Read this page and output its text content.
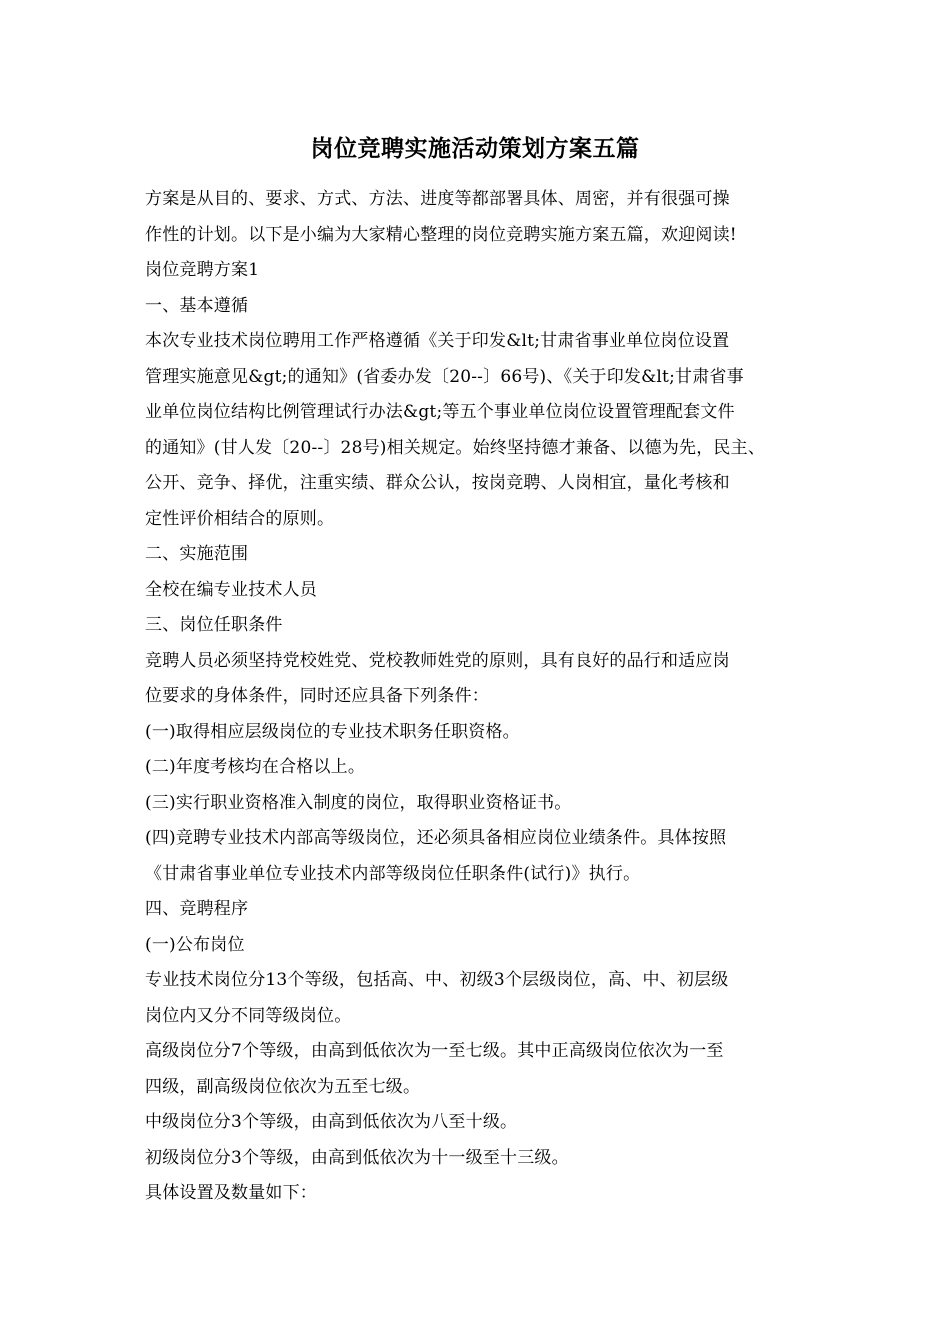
岗位竞聘实施活动策划方案五篇
方案是从目的、要求、方式、方法、进度等都部署具体、周密，并有很强可操
作性的计划。以下是小编为大家精心整理的岗位竞聘实施方案五篇，欢迎阅读!
岗位竞聘方案1
一、基本遵循
本次专业技术岗位聘用工作严格遵循《关于印发&lt;甘肃省事业单位岗位设置
管理实施意见&gt;的通知》(省委办发〔20--〕66号)、《关于印发&lt;甘肃省事
业单位岗位结构比例管理试行办法&gt;等五个事业单位岗位设置管理配套文件
的通知》(甘人发〔20--〕28号)相关规定。始终坚持德才兼备、以德为先，民主、
公开、竞争、择优，注重实绩、群众公认，按岗竞聘、人岗相宜，量化考核和
定性评价相结合的原则。
二、实施范围
全校在编专业技术人员
三、岗位任职条件
竞聘人员必须坚持党校姓党、党校教师姓党的原则，具有良好的品行和适应岗
位要求的身体条件，同时还应具备下列条件：
(一)取得相应层级岗位的专业技术职务任职资格。
(二)年度考核均在合格以上。
(三)实行职业资格准入制度的岗位，取得职业资格证书。
(四)竞聘专业技术内部高等级岗位，还必须具备相应岗位业绩条件。具体按照
《甘肃省事业单位专业技术内部等级岗位任职条件(试行)》执行。
四、竞聘程序
(一)公布岗位
专业技术岗位分13个等级，包括高、中、初级3个层级岗位，高、中、初层级
岗位内又分不同等级岗位。
高级岗位分7个等级，由高到低依次为一至七级。其中正高级岗位依次为一至
四级，副高级岗位依次为五至七级。
中级岗位分3个等级，由高到低依次为八至十级。
初级岗位分3个等级，由高到低依次为十一级至十三级。
具体设置及数量如下：
